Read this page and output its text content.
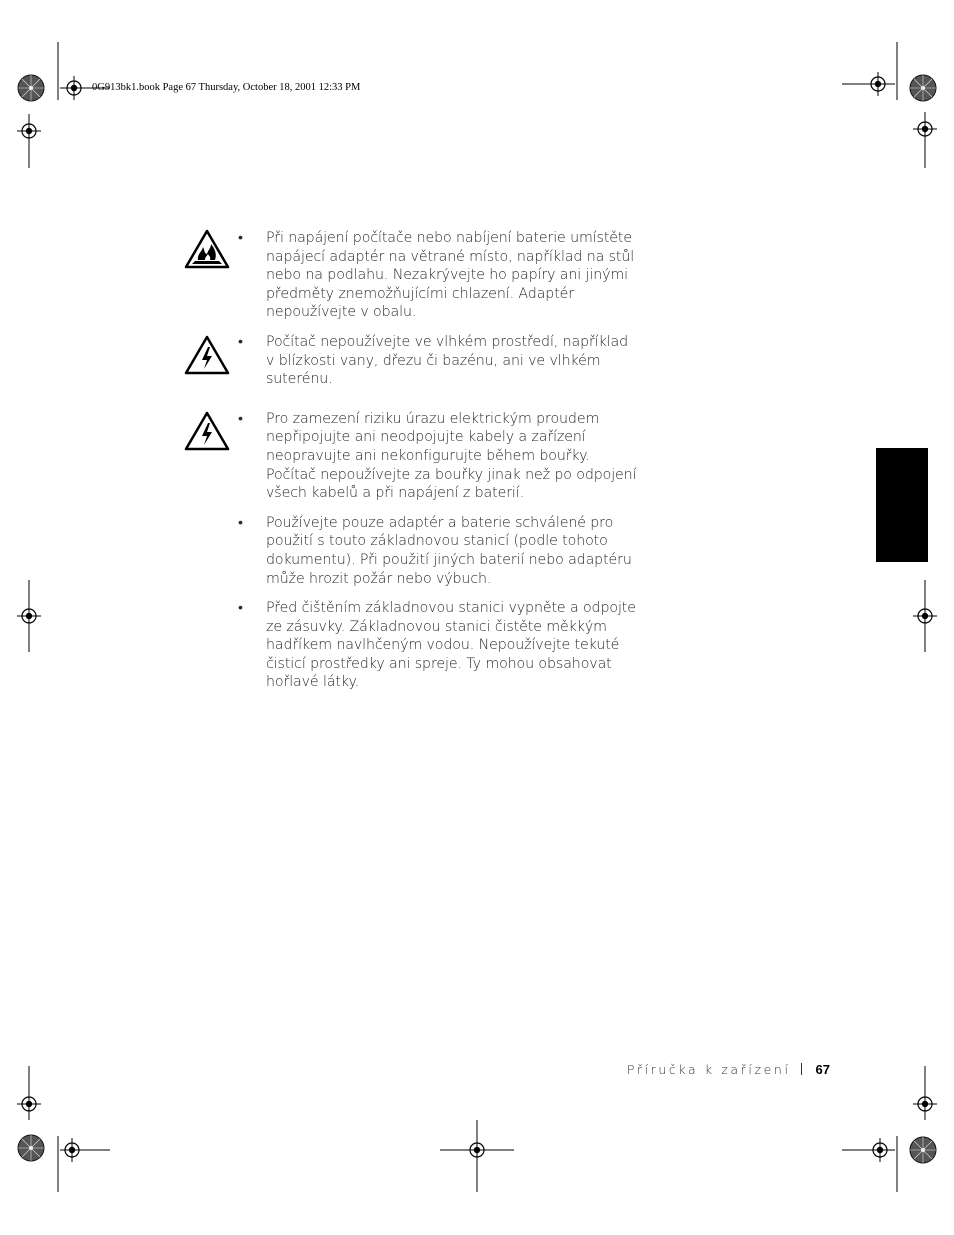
0G913bk1.book Page 67 Thursday, October 18, 2001 12:33 PM
• Při napájení počítače nebo nabíjení baterie umístěte napájecí adaptér na větrané místo, například na stůl nebo na podlahu. Nezakrývejte ho papíry ani jinými předměty znemožňujícími chlazení. Adaptér nepoužívejte v obalu.
• Počítač nepoužívejte ve vlhkém prostředí, například v blízkosti vany, dřezu či bazénu, ani ve vlhkém suterénu.
• Pro zamezení riziku úrazu elektrickým proudem nepřipojujte ani neodpojujte kabely a zařízení neopravujte ani nekonfigurujte během bouřky. Počítač nepoužívejte za bouřky jinak než po odpojení všech kabelů a při napájení z baterií.
• Používejte pouze adaptér a baterie schválené pro použití s touto základnovou stanicí (podle tohoto dokumentu). Při použití jiných baterií nebo adaptéru může hrozit požár nebo výbuch.
• Před čištěním základnovou stanici vypněte a odpojte ze zásuvky. Základnovou stanici čistěte měkkým hadříkem navlhčeným vodou. Nepoužívejte tekuté čisticí prostředky ani spreje. Ty mohou obsahovat hořlavé látky.
Příručka k zařízení 67
